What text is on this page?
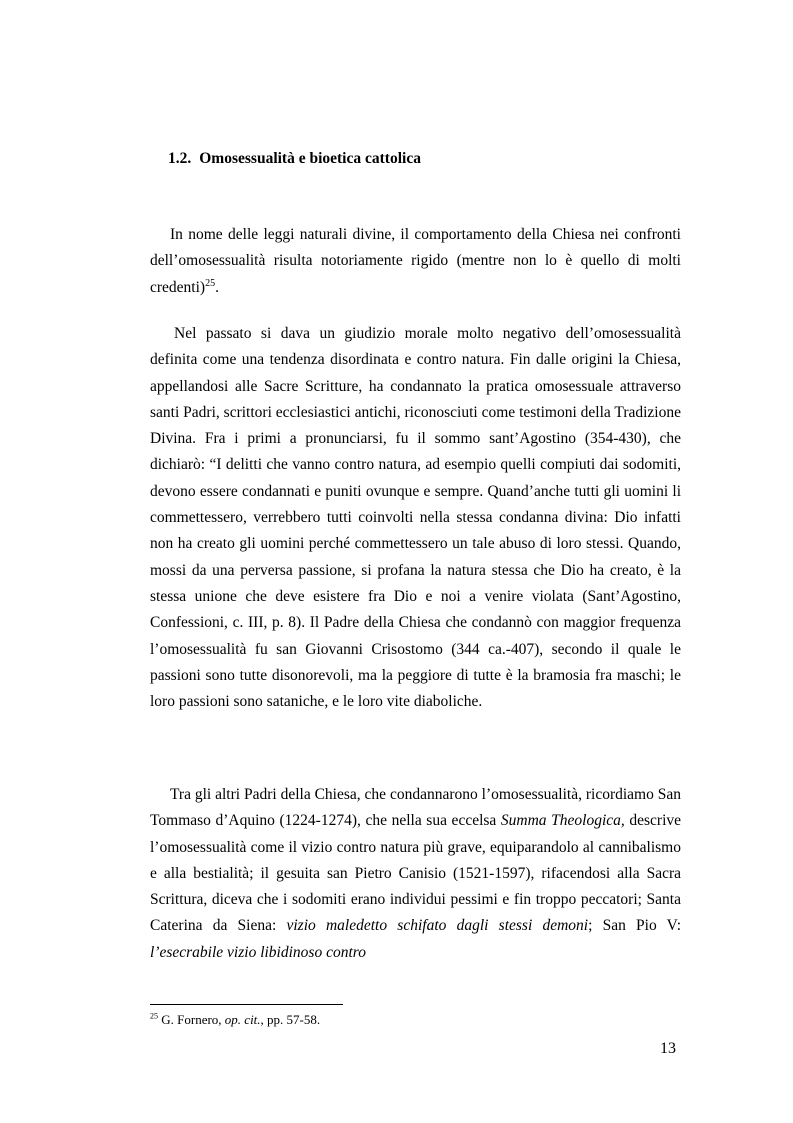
1.2. Omosessualità e bioetica cattolica

In nome delle leggi naturali divine, il comportamento della Chiesa nei confronti dell’omosessualità risulta notoriamente rigido (mentre non lo è quello di molti credenti)$^{25}$.

Nel passato si dava un giudizio morale molto negativo dell’omosessualità definita come una tendenza disordinata e contro natura. Fin dalle origini la Chiesa, appellandosi alle Sacre Scritture, ha condannato la pratica omosessuale attraverso santi Padri, scrittori ecclesiastici antichi, riconosciuti come testimoni della Tradizione Divina. Fra i primi a pronunciarsi, fu il sommo sant’Agostino (354-430), che dichiarò: “I delitti che vanno contro natura, ad esempio quelli compiuti dai sodomiti, devono essere condannati e puniti ovunque e sempre. Quand’anche tutti gli uomini li commettessero, verrebbero tutti coinvolti nella stessa condanna divina: Dio infatti non ha creato gli uomini perché commettessero un tale abuso di loro stessi. Quando, mossi da una perversa passione, si profana la natura stessa che Dio ha creato, è la stessa unione che deve esistere fra Dio e noi a venire violata (Sant’Agostino, Confessioni, c. III, p. 8). Il Padre della Chiesa che condannò con maggior frequenza l’omosessualità fu san Giovanni Crisostomo (344 ca.-407), secondo il quale le passioni sono tutte disonorevoli, ma la peggiore di tutte è la bramosia fra maschi; le loro passioni sono sataniche, e le loro vite diaboliche.

Tra gli altri Padri della Chiesa, che condannarono l’omosessualità, ricordiamo San Tommaso d’Aquino (1224-1274), che nella sua eccelsa Summa Theologica, descrive l’omosessualità come il vizio contro natura più grave, equiparandolo al cannibalismo e alla bestialità; il gesuita san Pietro Canisio (1521-1597), rifacendosi alla Sacra Scrittura, diceva che i sodomiti erano individui pessimi e fin troppo peccatori; Santa Caterina da Siena: vizio maledetto schifato dagli stessi demoni; San Pio V: l’esecrabile vizio libidinoso contro

$^{25}$ G. Fornero, op. cit., pp. 57-58.

13
